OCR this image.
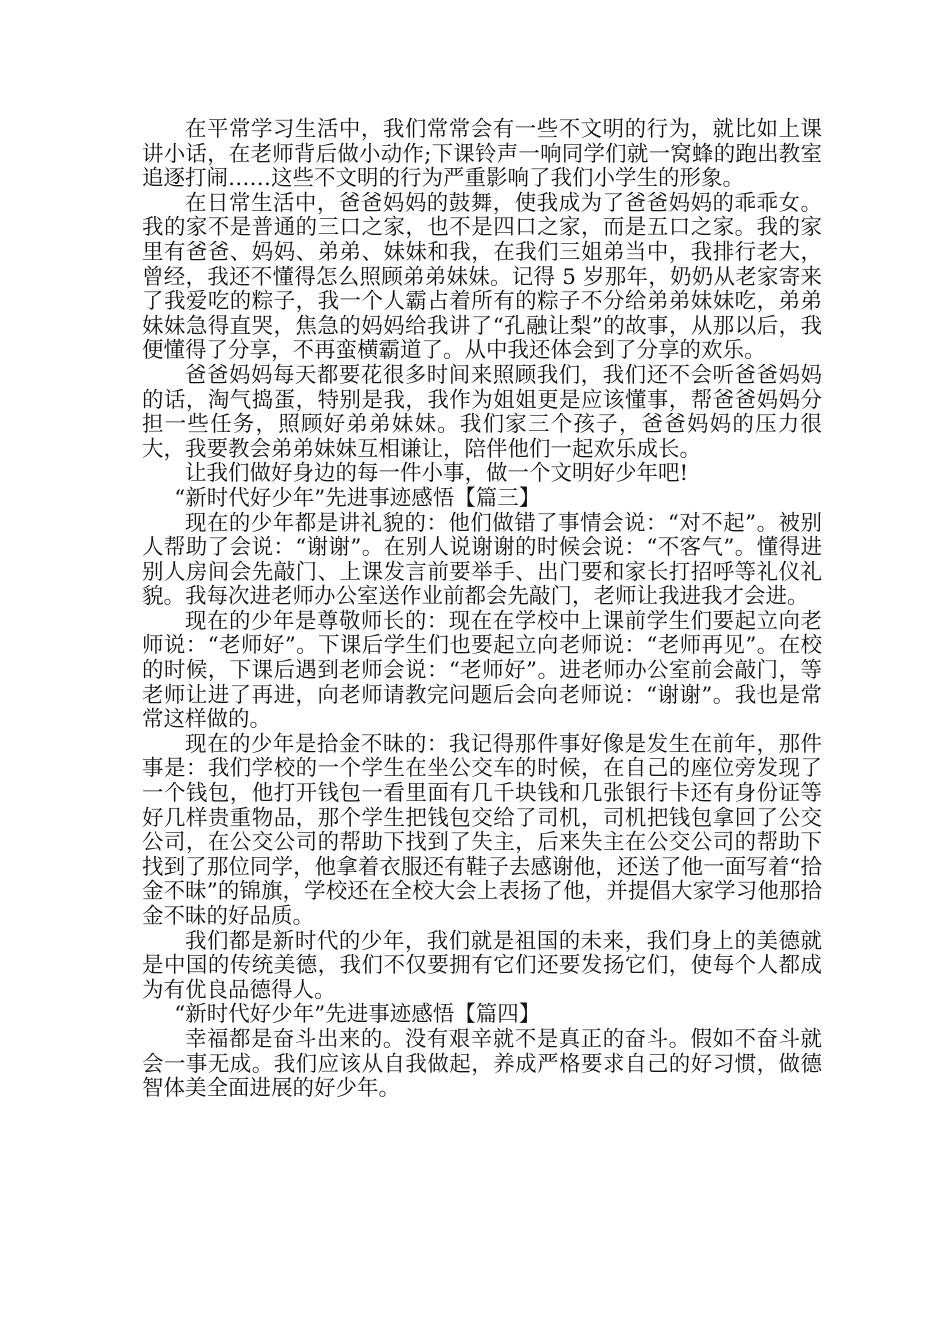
在平常学习生活中，我们常常会有一些不文明的行为，就比如上课讲小话，在老师背后做小动作;下课铃声一响同学们就一窝蜂的跑出教室追逐打闹……这些不文明的行为严重影响了我们小学生的形象。

在日常生活中，爸爸妈妈的鼓舞，使我成为了爸爸妈妈的乖乖女。我的家不是普通的三口之家，也不是四口之家，而是五口之家。我的家里有爸爸、妈妈、弟弟、妹妹和我，在我们三姐弟当中，我排行老大，曾经，我还不懂得怎么照顾弟弟妹妹。记得 5 岁那年，奶奶从老家寄来了我爱吃的粽子，我一个人霸占着所有的粽子不分给弟弟妹妹吃，弟弟妹妹急得直哭，焦急的妈妈给我讲了“孔融让梨”的故事，从那以后，我便懂得了分享，不再蛮横霸道了。从中我还体会到了分享的欢乐。

爸爸妈妈每天都要花很多时间来照顾我们，我们还不会听爸爸妈妈的话，淘气捣蛋，特别是我，我作为姐姐更是应该懂事，帮爸爸妈妈分担一些任务，照顾好弟弟妹妹。我们家三个孩子，爸爸妈妈的压力很大，我要教会弟弟妹妹互相谦让，陪伴他们一起欢乐成长。

让我们做好身边的每一件小事，做一个文明好少年吧!

“新时代好少年”先进事迹感悟【篇三】

现在的少年都是讲礼貌的：他们做错了事情会说：“对不起”。被别人帮助了会说：“谢谢”。在别人说谢谢的时候会说：“不客气”。懂得进别人房间会先敲门、上课发言前要举手、出门要和家长打招呼等礼仪礼貌。我每次进老师办公室送作业前都会先敲门，老师让我进我才会进。

现在的少年是尊敬师长的：现在在学校中上课前学生们要起立向老师说：“老师好”。下课后学生们也要起立向老师说：“老师再见”。在校的时候，下课后遇到老师会说：“老师好”。进老师办公室前会敲门，等老师让进了再进，向老师请教完问题后会向老师说：“谢谢”。我也是常常这样做的。

现在的少年是拾金不昧的：我记得那件事好像是发生在前年，那件事是：我们学校的一个学生在坐公交车的时候，在自己的座位旁发现了一个钱包，他打开钱包一看里面有几千块钱和几张银行卡还有身份证等好几样贵重物品，那个学生把钱包交给了司机，司机把钱包拿回了公交公司，在公交公司的帮助下找到了失主，后来失主在公交公司的帮助下找到了那位同学，他拿着衣服还有鞋子去感谢他，还送了他一面写着“拾金不昧”的锦旗，学校还在全校大会上表扬了他，并提倡大家学习他那拾金不昧的好品质。

我们都是新时代的少年，我们就是祖国的未来，我们身上的美德就是中国的传统美德，我们不仅要拥有它们还要发扬它们，使每个人都成为有优良品德得人。

“新时代好少年”先进事迹感悟【篇四】

幸福都是奋斗出来的。没有艰辛就不是真正的奋斗。假如不奋斗就会一事无成。我们应该从自我做起，养成严格要求自己的好习惯，做德智体美全面进展的好少年。
